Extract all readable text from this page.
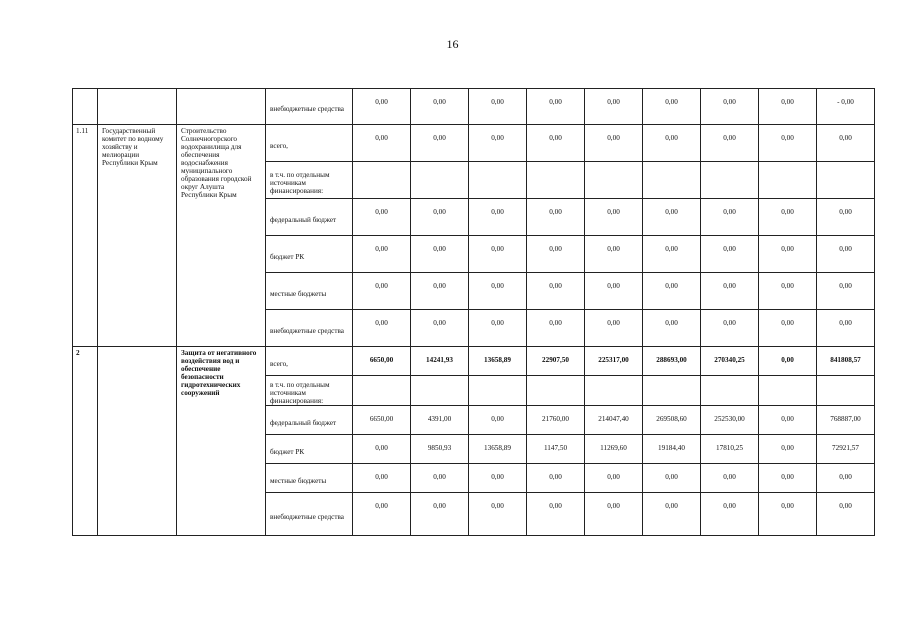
16
			внебюджетные средства	0,00	0,00	0,00	0,00	0,00	0,00	0,00	0,00	- 0,00
1.11	Государственный комитет по водному хозяйству и мелиорации Республики Крым	Строительство Солнечногорского водохранилища для обеспечения водоснабжения муниципального образования городской округ Алушта Республики Крым	всего,	0,00	0,00	0,00	0,00	0,00	0,00	0,00	0,00	0,00
			в т.ч. по отдельным источникам финансирования:									
			федеральный бюджет	0,00	0,00	0,00	0,00	0,00	0,00	0,00	0,00	0,00
			бюджет РК	0,00	0,00	0,00	0,00	0,00	0,00	0,00	0,00	0,00
			местные бюджеты	0,00	0,00	0,00	0,00	0,00	0,00	0,00	0,00	0,00
			внебюджетные средства	0,00	0,00	0,00	0,00	0,00	0,00	0,00	0,00	0,00
2		Защита от негативного воздействия вод и обеспечение безопасности гидротехнических сооружений	всего,	6650,00	14241,93	13658,89	22907,50	225317,00	288693,00	270340,25	0,00	841808,57
			в т.ч. по отдельным источникам финансирования:									
			федеральный бюджет	6650,00	4391,00	0,00	21760,00	214047,40	269508,60	252530,00	0,00	768887,00
			бюджет РК	0,00	9850,93	13658,89	1147,50	11269,60	19184,40	17810,25	0,00	72921,57
			местные бюджеты	0,00	0,00	0,00	0,00	0,00	0,00	0,00	0,00	0,00
			внебюджетные средства	0,00	0,00	0,00	0,00	0,00	0,00	0,00	0,00	0,00
